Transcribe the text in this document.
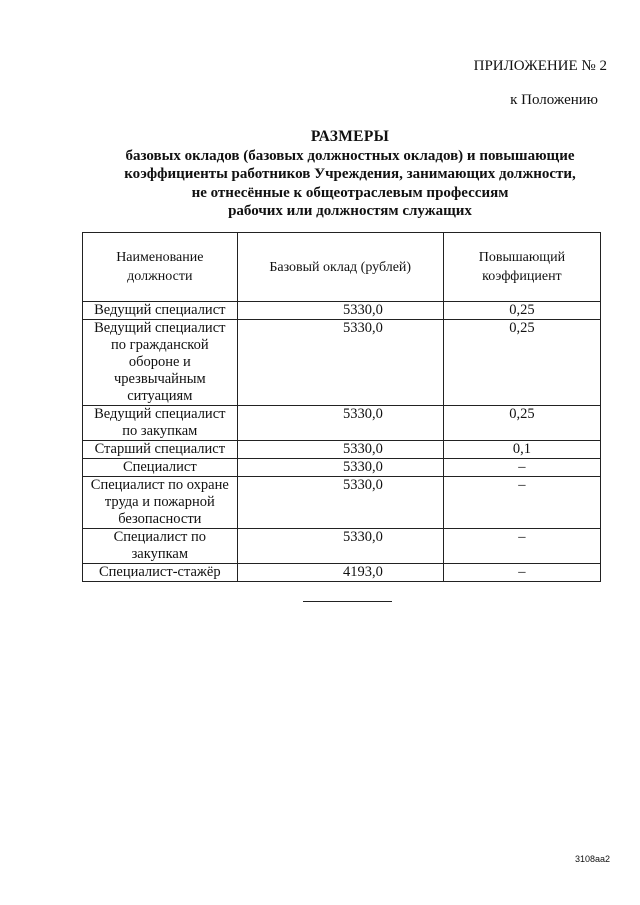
ПРИЛОЖЕНИЕ № 2
к Положению
РАЗМЕРЫ
базовых окладов (базовых должностных окладов) и повышающие
коэффициенты работников Учреждения, занимающих должности,
не отнесённые к общеотраслевым профессиям
рабочих или должностям служащих
Наименование должности	Базовый оклад (рублей)	Повышающий коэффициент
Ведущий специалист	5330,0	0,25
Ведущий специалист по гражданской обороне и чрезвычайным ситуациям	5330,0	0,25
Ведущий специалист по закупкам	5330,0	0,25
Старший специалист	5330,0	0,1
Специалист	5330,0	–
Специалист по охране труда и пожарной безопасности	5330,0	–
Специалист по закупкам	5330,0	–
Специалист-стажёр	4193,0	–
3108аа2
